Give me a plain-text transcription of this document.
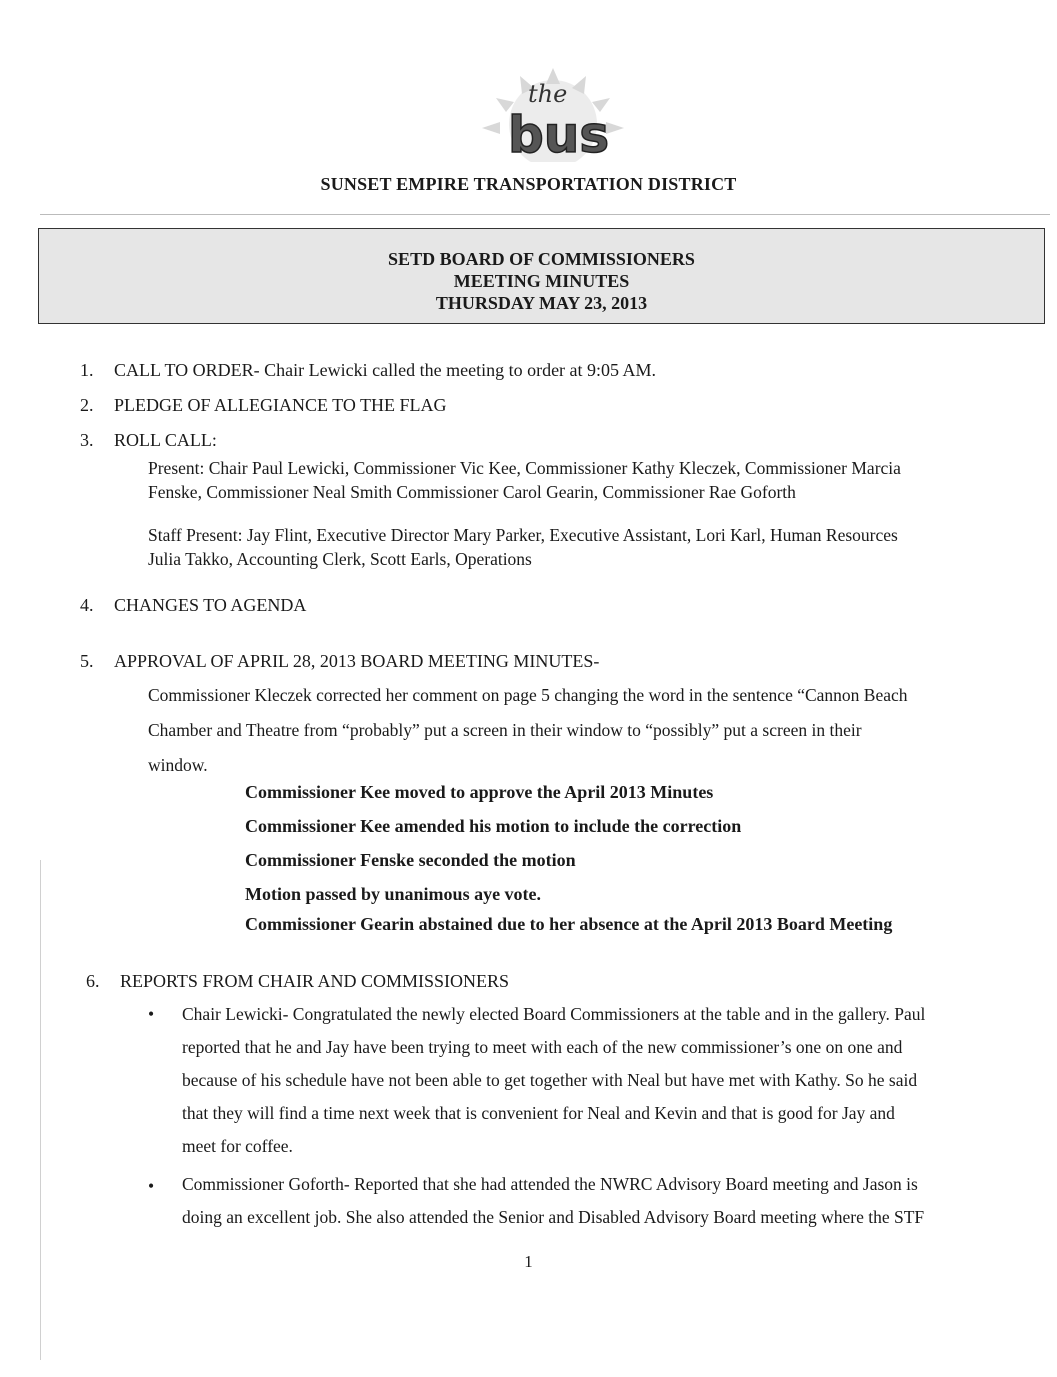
the
bus
SUNSET EMPIRE TRANSPORTATION DISTRICT
SETD BOARD OF COMMISSIONERS
MEETING MINUTES
THURSDAY MAY 23, 2013
1. CALL TO ORDER- Chair Lewicki called the meeting to order at 9:05 AM.
2. PLEDGE OF ALLEGIANCE TO THE FLAG
3. ROLL CALL:
Present: Chair Paul Lewicki, Commissioner Vic Kee, Commissioner Kathy Kleczek, Commissioner Marcia
Fenske, Commissioner Neal Smith Commissioner Carol Gearin, Commissioner Rae Goforth
Staff Present: Jay Flint, Executive Director Mary Parker, Executive Assistant, Lori Karl, Human Resources
Julia Takko, Accounting Clerk, Scott Earls, Operations
4. CHANGES TO AGENDA
5. APPROVAL OF APRIL 28, 2013 BOARD MEETING MINUTES-
Commissioner Kleczek corrected her comment on page 5 changing the word in the sentence “Cannon Beach
Chamber and Theatre from “probably” put a screen in their window to “possibly” put a screen in their
window.
Commissioner Kee moved to approve the April 2013 Minutes
Commissioner Kee amended his motion to include the correction
Commissioner Fenske seconded the motion
Motion passed by unanimous aye vote.
Commissioner Gearin abstained due to her absence at the April 2013 Board Meeting
6. REPORTS FROM CHAIR AND COMMISSIONERS
• Chair Lewicki- Congratulated the newly elected Board Commissioners at the table and in the gallery. Paul
reported that he and Jay have been trying to meet with each of the new commissioner’s one on one and
because of his schedule have not been able to get together with Neal but have met with Kathy. So he said
that they will find a time next week that is convenient for Neal and Kevin and that is good for Jay and
meet for coffee.
• Commissioner Goforth- Reported that she had attended the NWRC Advisory Board meeting and Jason is
doing an excellent job. She also attended the Senior and Disabled Advisory Board meeting where the STF
1
